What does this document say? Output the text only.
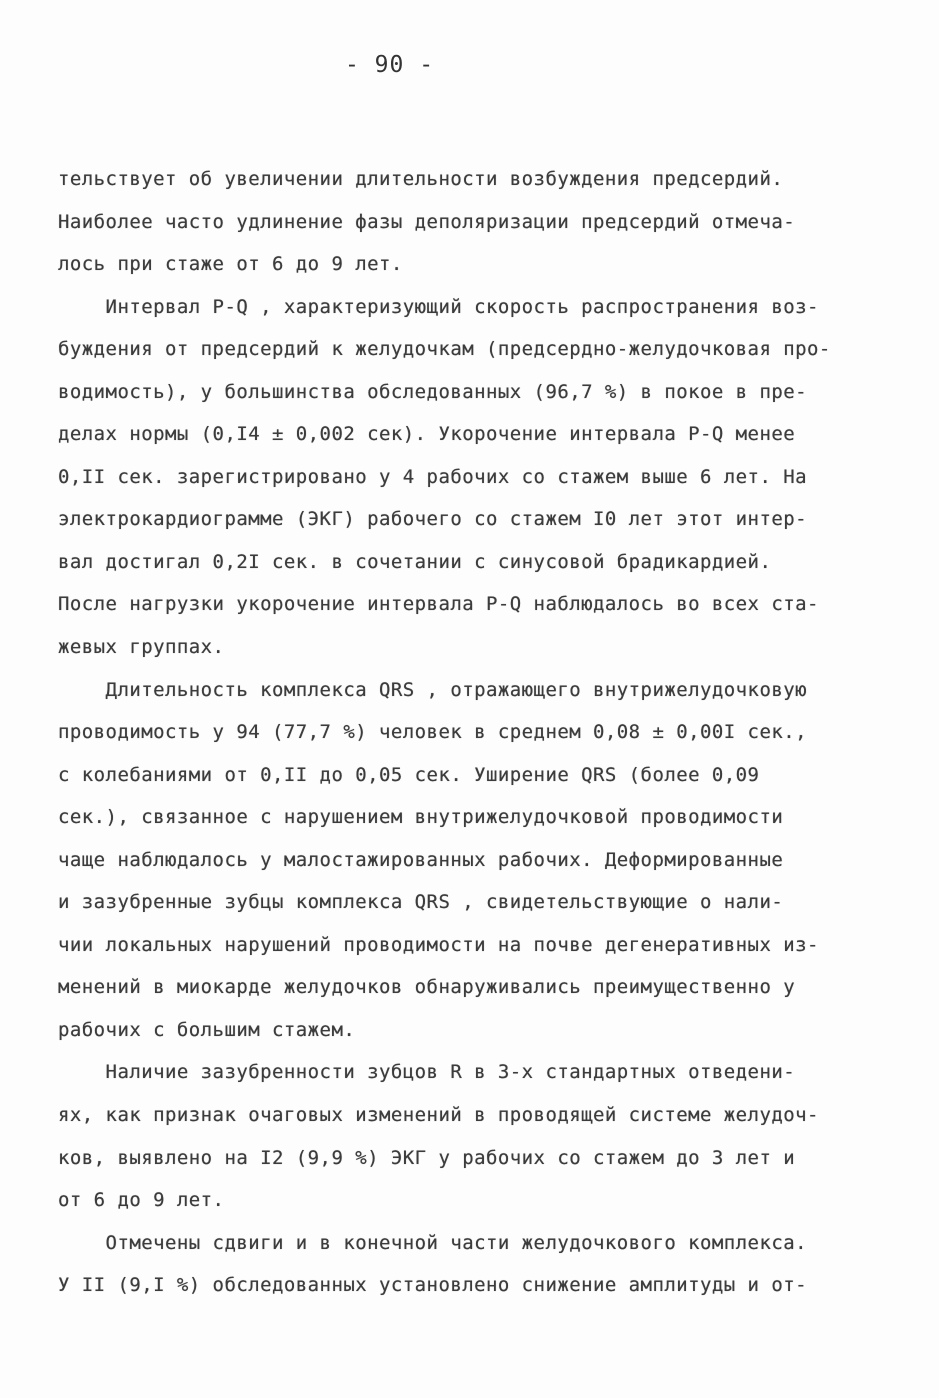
- 90 -
тельствует об увеличении длительности возбуждения предсердий.
Наиболее часто удлинение фазы деполяризации предсердий отмеча-
лось при стаже от 6 до 9 лет.
Интервал P-Q , характеризующий скорость распространения воз-
буждения от предсердий к желудочкам (предсердно-желудочковая про-
водимость), у большинства обследованных (96,7 %) в покое в пре-
делах нормы (0,I4 ± 0,002 сек). Укорочение интервала P-Q менее
0,II сек. зарегистрировано у 4 рабочих со стажем выше 6 лет. На
электрокардиограмме (ЭКГ) рабочего со стажем I0 лет этот интер-
вал достигал 0,2I сек. в сочетании с синусовой брадикардией.
После нагрузки укорочение интервала P-Q наблюдалось во всех ста-
жевых группах.
Длительность комплекса QRS , отражающего внутрижелудочковую
проводимость у 94 (77,7 %) человек в среднем 0,08 ± 0,00I сек.,
с колебаниями от 0,II до 0,05 сек. Уширение QRS (более 0,09
сек.), связанное с нарушением внутрижелудочковой проводимости
чаще наблюдалось у малостажированных рабочих. Деформированные
и зазубренные зубцы комплекса QRS , свидетельствующие о нали-
чии локальных нарушений проводимости на почве дегенеративных из-
менений в миокарде желудочков обнаруживались преимущественно у
рабочих с большим стажем.
Наличие зазубренности зубцов R в 3-х стандартных отведени-
ях, как признак очаговых изменений в проводящей системе желудоч-
ков, выявлено на I2 (9,9 %) ЭКГ у рабочих со стажем до 3 лет и
от 6 до 9 лет.
Отмечены сдвиги и в конечной части желудочкового комплекса.
У II (9,I %) обследованных установлено снижение амплитуды и от-
